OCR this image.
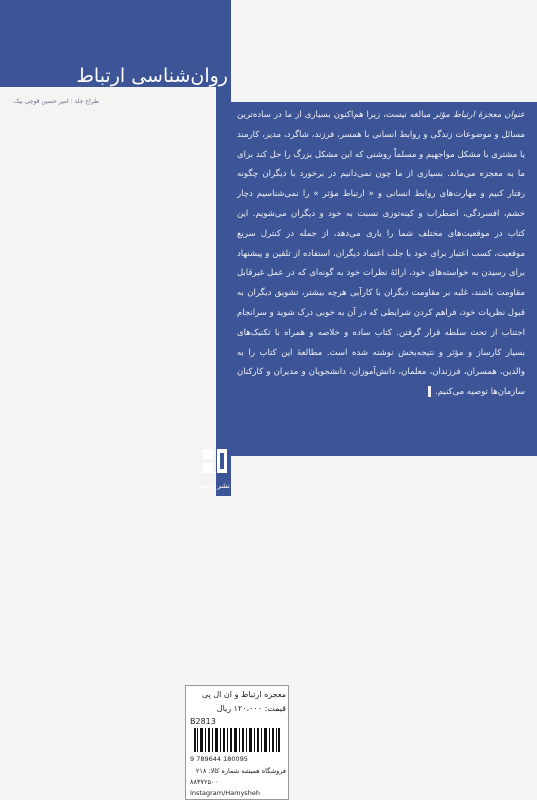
روان‌شناسی ارتباط
طراح جلد : امیر حسین قوچی بیک
عنوان معجزهٔ ارتباط مؤثر مبالغه نیست، زیرا هم‌اکنون بسیاری از ما در ساده‌ترین مسائل و موضوعات زندگی و روابط انسانی با همسر، فرزند، شاگرد، مدیر، کارمند یا مشتری با مشکل مواجهیم و مسلماً روشنی که این مشکل بزرگ را حل کند برای ما به معجزه می‌ماند. بسیاری از ما چون نمی‌دانیم در برخورد با دیگران چگونه رفتار کنیم و مهارت‌های روابط انسانی و « ارتباط مؤثر » را نمی‌شناسیم دچار خشم، افسردگی، اضطراب و کینه‌توزی نسبت به خود و دیگران می‌شویم. این کتاب در موقعیت‌های مختلف شما را یاری می‌دهد، از جمله در کنترل سریع موقعیت، کسب اعتبار برای خود با جلب اعتماد دیگران، استفاده از تلقین و پیشنهاد برای رسیدن به خواسته‌های خود، ارائهٔ نظرات خود به گونه‌ای که در عمل غیرقابل مقاومت باشند، غلبه بر مقاومت دیگران با کارآیی هرچه بیشتر، تشویق دیگران به قبول نظریات خود، فراهم کردن شرایطی که در آن به خوبی درک شوید و سرانجام اجتناب از تحت سلطه قرار گرفتن. کتاب ساده و خلاصه و همراه با تکنیک‌های بسیار کارساز و مؤثر و نتیجه‌بخش نوشته شده است. مطالعهٔ این کتاب را به والدین، همسران، فرزندان، معلمان، دانش‌آموزان، دانشجویان و مدیران و کارکنان سازمان‌ها توصیه می‌کنیم.
نشر آسیم
معجزه ارتباط و ان ال پی
قیمت: ۱۲۰،۰۰۰ ریال
B2813
9 789644 180095
فروشگاه همیشه شماره کالا: ۲۱۸
۸۸۳۷۲۵۰۰
Instagram/Hamysheh
